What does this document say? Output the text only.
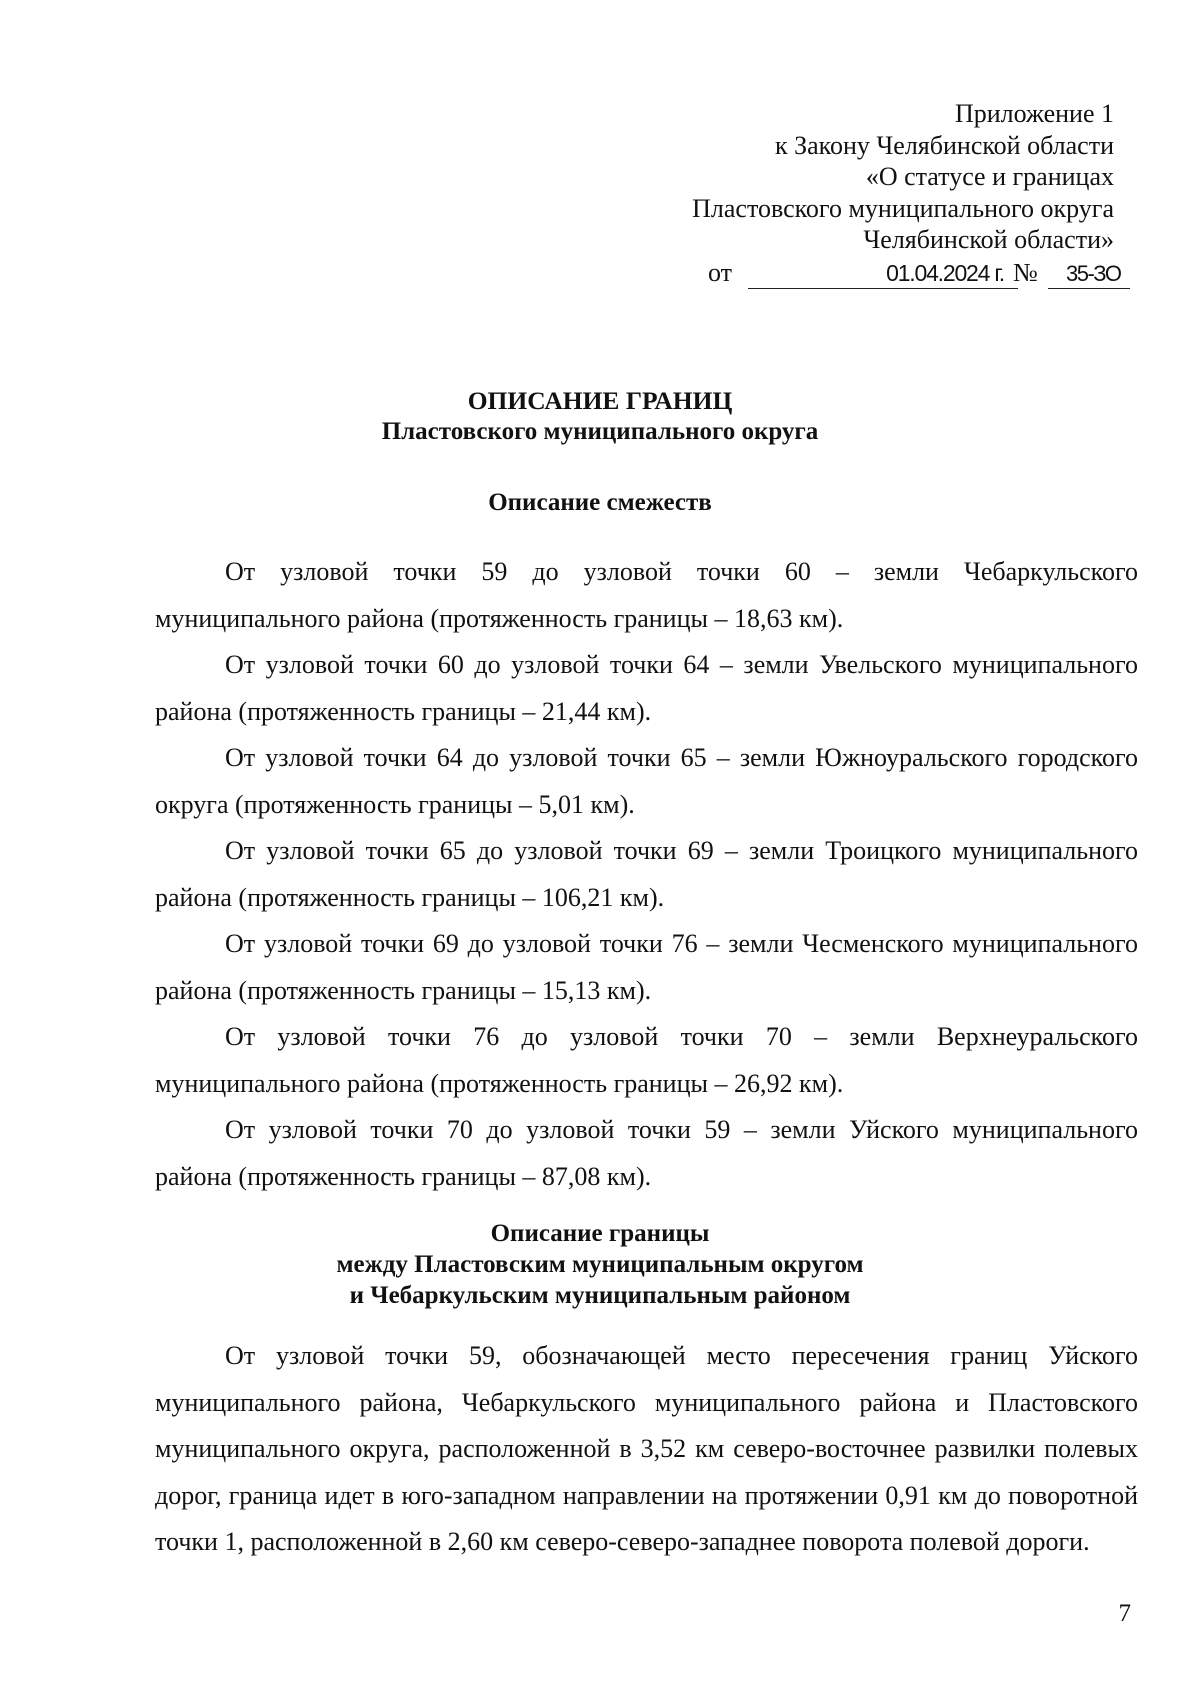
Приложение 1
к Закону Челябинской области
«О статусе и границах
Пластовского муниципального округа
Челябинской области»
от	01.04.2024 г. №	35-ЗО
ОПИСАНИЕ ГРАНИЦ
Пластовского муниципального округа
Описание смежеств

От узловой точки 59 до узловой точки 60 – земли Чебаркульского муниципального района (протяженность границы – 18,63 км).

От узловой точки 60 до узловой точки 64 – земли Увельского муниципального района (протяженность границы – 21,44 км).

От узловой точки 64 до узловой точки 65 – земли Южноуральского городского округа (протяженность границы – 5,01 км).

От узловой точки 65 до узловой точки 69 – земли Троицкого муниципального района (протяженность границы – 106,21 км).

От узловой точки 69 до узловой точки 76 – земли Чесменского муниципального района (протяженность границы – 15,13 км).

От узловой точки 76 до узловой точки 70 – земли Верхнеуральского муниципального района (протяженность границы – 26,92 км).

От узловой точки 70 до узловой точки 59 – земли Уйского муниципального района (протяженность границы – 87,08 км).

Описание границы
между Пластовским муниципальным округом
и Чебаркульским муниципальным районом

От узловой точки 59, обозначающей место пересечения границ Уйского муниципального района, Чебаркульского муниципального района и Пластовского муниципального округа, расположенной в 3,52 км северо-восточнее развилки полевых дорог, граница идет в юго-западном направлении на протяжении 0,91 км до поворотной точки 1, расположенной в 2,60 км северо-северо-западнее поворота полевой дороги.

7
